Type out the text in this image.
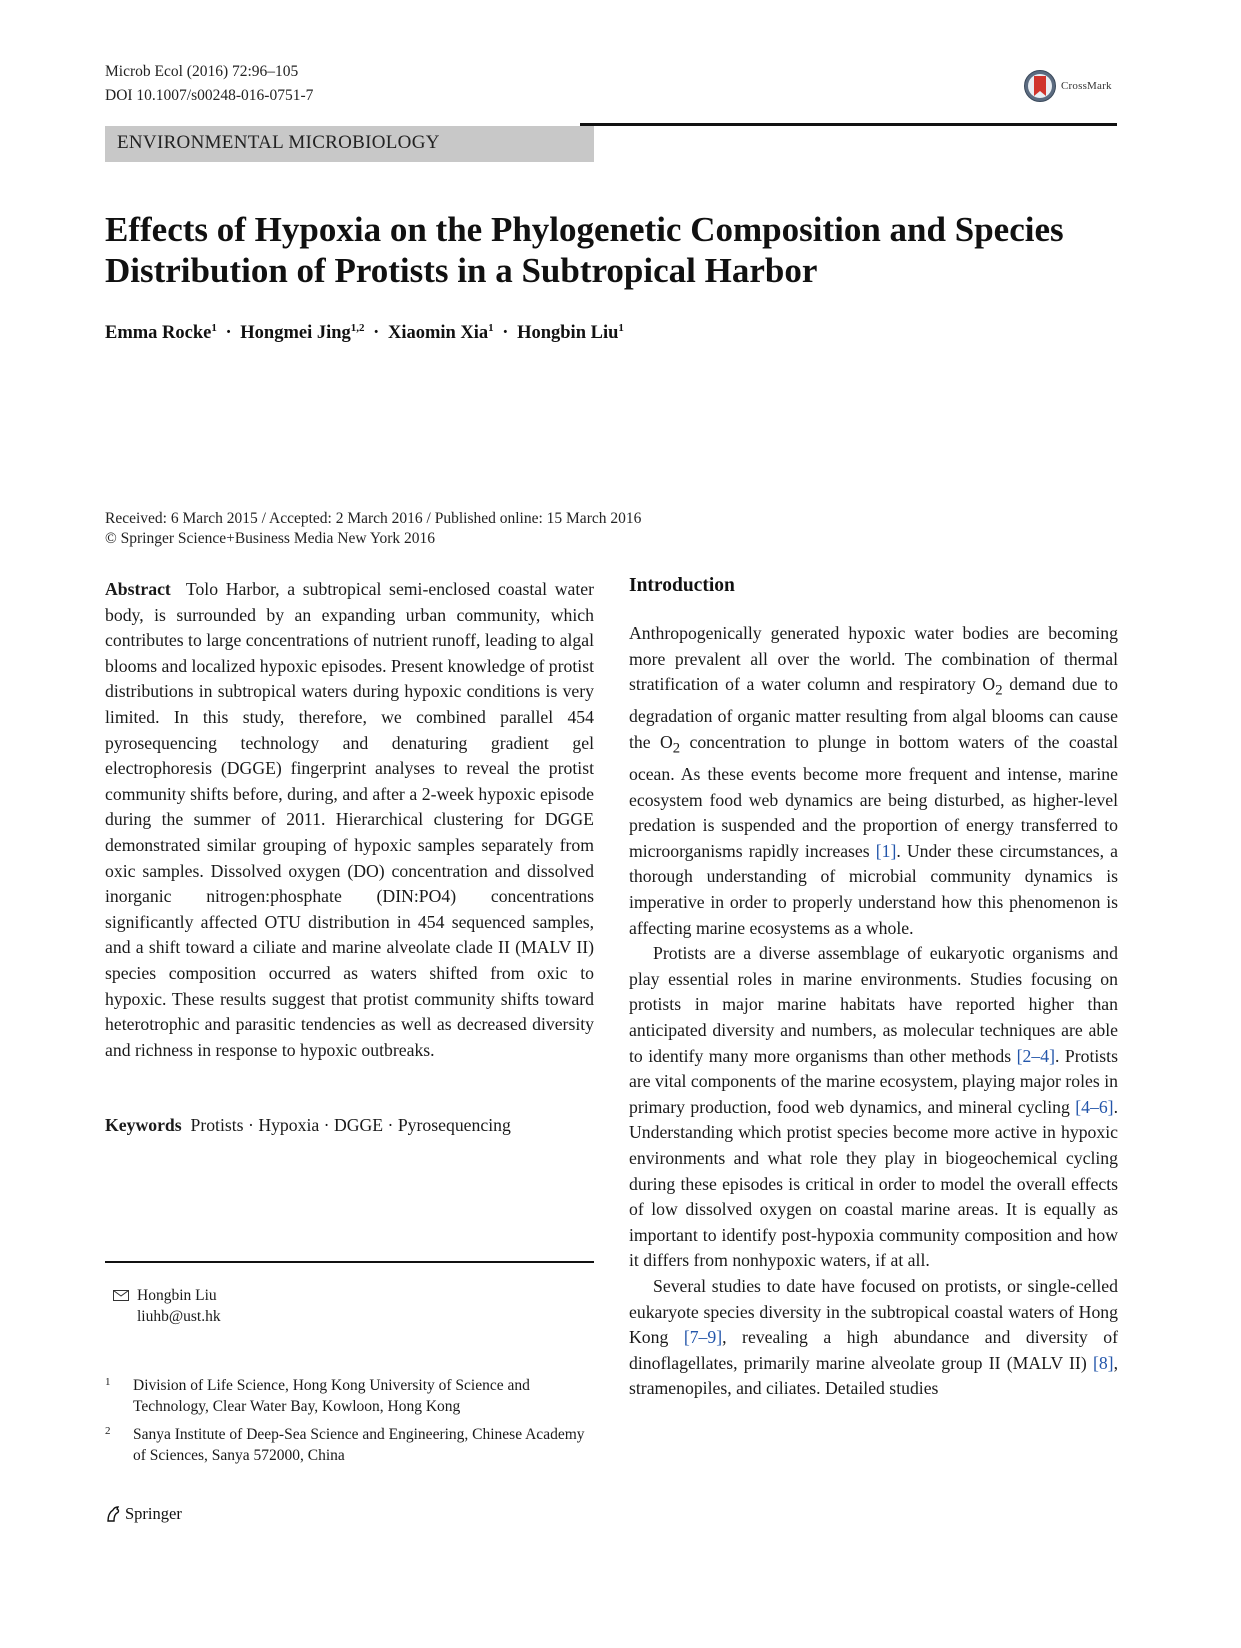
Microb Ecol (2016) 72:96–105
DOI 10.1007/s00248-016-0751-7
CrossMark
ENVIRONMENTAL MICROBIOLOGY
Effects of Hypoxia on the Phylogenetic Composition and Species Distribution of Protists in a Subtropical Harbor
Emma Rocke$^1$ · Hongmei Jing$^{1,2}$ · Xiaomin Xia$^1$ · Hongbin Liu$^1$
Received: 6 March 2015 / Accepted: 2 March 2016 / Published online: 15 March 2016
© Springer Science+Business Media New York 2016

Abstract Tolo Harbor, a subtropical semi-enclosed coastal water body, is surrounded by an expanding urban community, which contributes to large concentrations of nutrient runoff, leading to algal blooms and localized hypoxic episodes. Present knowledge of protist distributions in subtropical waters during hypoxic conditions is very limited. In this study, therefore, we combined parallel 454 pyrosequencing technology and denaturing gradient gel electrophoresis (DGGE) fingerprint analyses to reveal the protist community shifts before, during, and after a 2-week hypoxic episode during the summer of 2011. Hierarchical clustering for DGGE demonstrated similar grouping of hypoxic samples separately from oxic samples. Dissolved oxygen (DO) concentration and dissolved inorganic nitrogen:phosphate (DIN:PO4) concentrations significantly affected OTU distribution in 454 sequenced samples, and a shift toward a ciliate and marine alveolate clade II (MALV II) species composition occurred as waters shifted from oxic to hypoxic. These results suggest that protist community shifts toward heterotrophic and parasitic tendencies as well as decreased diversity and richness in response to hypoxic outbreaks.

Keywords Protists · Hypoxia · DGGE · Pyrosequencing

Hongbin Liu
liuhb@ust.hk
1 Division of Life Science, Hong Kong University of Science and Technology, Clear Water Bay, Kowloon, Hong Kong
2 Sanya Institute of Deep-Sea Science and Engineering, Chinese Academy of Sciences, Sanya 572000, China
Introduction

Anthropogenically generated hypoxic water bodies are becoming more prevalent all over the world. The combination of thermal stratification of a water column and respiratory $O_2$ demand due to degradation of organic matter resulting from algal blooms can cause the $O_2$ concentration to plunge in bottom waters of the coastal ocean. As these events become more frequent and intense, marine ecosystem food web dynamics are being disturbed, as higher-level predation is suspended and the proportion of energy transferred to microorganisms rapidly increases [1]. Under these circumstances, a thorough understanding of microbial community dynamics is imperative in order to properly understand how this phenomenon is affecting marine ecosystems as a whole.

Protists are a diverse assemblage of eukaryotic organisms and play essential roles in marine environments. Studies focusing on protists in major marine habitats have reported higher than anticipated diversity and numbers, as molecular techniques are able to identify many more organisms than other methods [2–4]. Protists are vital components of the marine ecosystem, playing major roles in primary production, food web dynamics, and mineral cycling [4–6]. Understanding which protist species become more active in hypoxic environments and what role they play in biogeochemical cycling during these episodes is critical in order to model the overall effects of low dissolved oxygen on coastal marine areas. It is equally as important to identify post-hypoxia community composition and how it differs from nonhypoxic waters, if at all.

Several studies to date have focused on protists, or single-celled eukaryote species diversity in the subtropical coastal waters of Hong Kong [7–9], revealing a high abundance and diversity of dinoflagellates, primarily marine alveolate group II (MALV II) [8], stramenopiles, and ciliates. Detailed studies

Springer
